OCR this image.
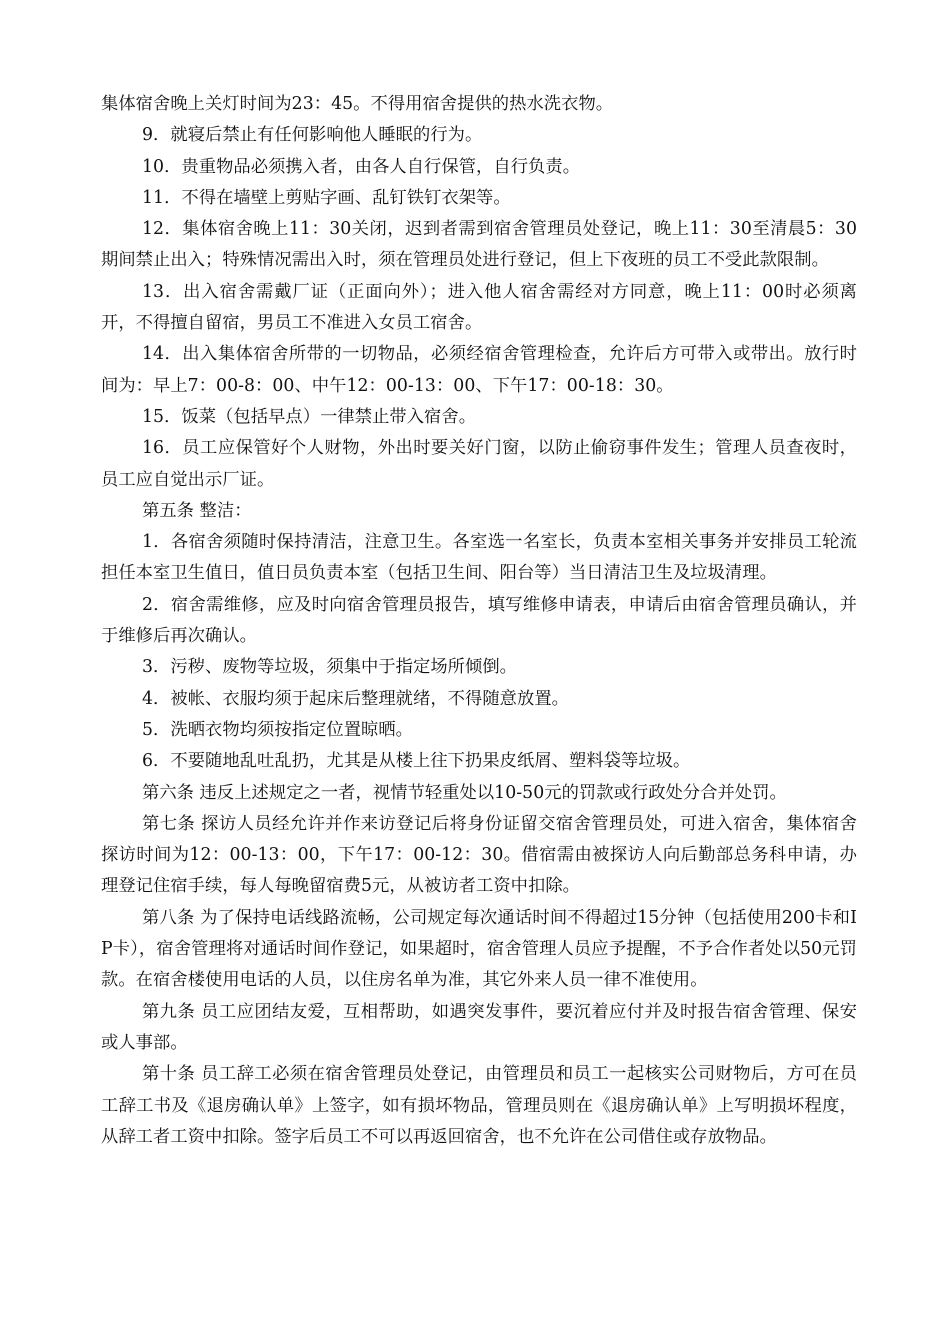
集体宿舍晚上关灯时间为23：45。不得用宿舍提供的热水洗衣物。

9．就寝后禁止有任何影响他人睡眠的行为。

10．贵重物品必须携入者，由各人自行保管，自行负责。

11．不得在墙壁上剪贴字画、乱钉铁钉衣架等。

12．集体宿舍晚上11：30关闭，迟到者需到宿舍管理员处登记，晚上11：30至清晨5：30期间禁止出入；特殊情况需出入时，须在管理员处进行登记，但上下夜班的员工不受此款限制。

13．出入宿舍需戴厂证（正面向外）；进入他人宿舍需经对方同意，晚上11：00时必须离开，不得擅自留宿，男员工不准进入女员工宿舍。

14．出入集体宿舍所带的一切物品，必须经宿舍管理检查，允许后方可带入或带出。放行时间为：早上7：00-8：00、中午12：00-13：00、下午17：00-18：30。

15．饭菜（包括早点）一律禁止带入宿舍。

16．员工应保管好个人财物，外出时要关好门窗，以防止偷窃事件发生；管理人员查夜时，员工应自觉出示厂证。

第五条 整洁：

1．各宿舍须随时保持清洁，注意卫生。各室选一名室长，负责本室相关事务并安排员工轮流担任本室卫生值日，值日员负责本室（包括卫生间、阳台等）当日清洁卫生及垃圾清理。

2．宿舍需维修，应及时向宿舍管理员报告，填写维修申请表，申请后由宿舍管理员确认，并于维修后再次确认。

3．污秽、废物等垃圾，须集中于指定场所倾倒。

4．被帐、衣服均须于起床后整理就绪，不得随意放置。

5．洗晒衣物均须按指定位置晾晒。

6．不要随地乱吐乱扔，尤其是从楼上往下扔果皮纸屑、塑料袋等垃圾。

第六条 违反上述规定之一者，视情节轻重处以10-50元的罚款或行政处分合并处罚。

第七条 探访人员经允许并作来访登记后将身份证留交宿舍管理员处，可进入宿舍，集体宿舍探访时间为12：00-13：00，下午17：00-12：30。借宿需由被探访人向后勤部总务科申请，办理登记住宿手续，每人每晚留宿费5元，从被访者工资中扣除。

第八条 为了保持电话线路流畅，公司规定每次通话时间不得超过15分钟（包括使用200卡和IP卡），宿舍管理将对通话时间作登记，如果超时，宿舍管理人员应予提醒，不予合作者处以50元罚款。在宿舍楼使用电话的人员，以住房名单为准，其它外来人员一律不准使用。

第九条 员工应团结友爱，互相帮助，如遇突发事件，要沉着应付并及时报告宿舍管理、保安或人事部。

第十条 员工辞工必须在宿舍管理员处登记，由管理员和员工一起核实公司财物后，方可在员工辞工书及《退房确认单》上签字，如有损坏物品，管理员则在《退房确认单》上写明损坏程度，从辞工者工资中扣除。签字后员工不可以再返回宿舍，也不允许在公司借住或存放物品。
